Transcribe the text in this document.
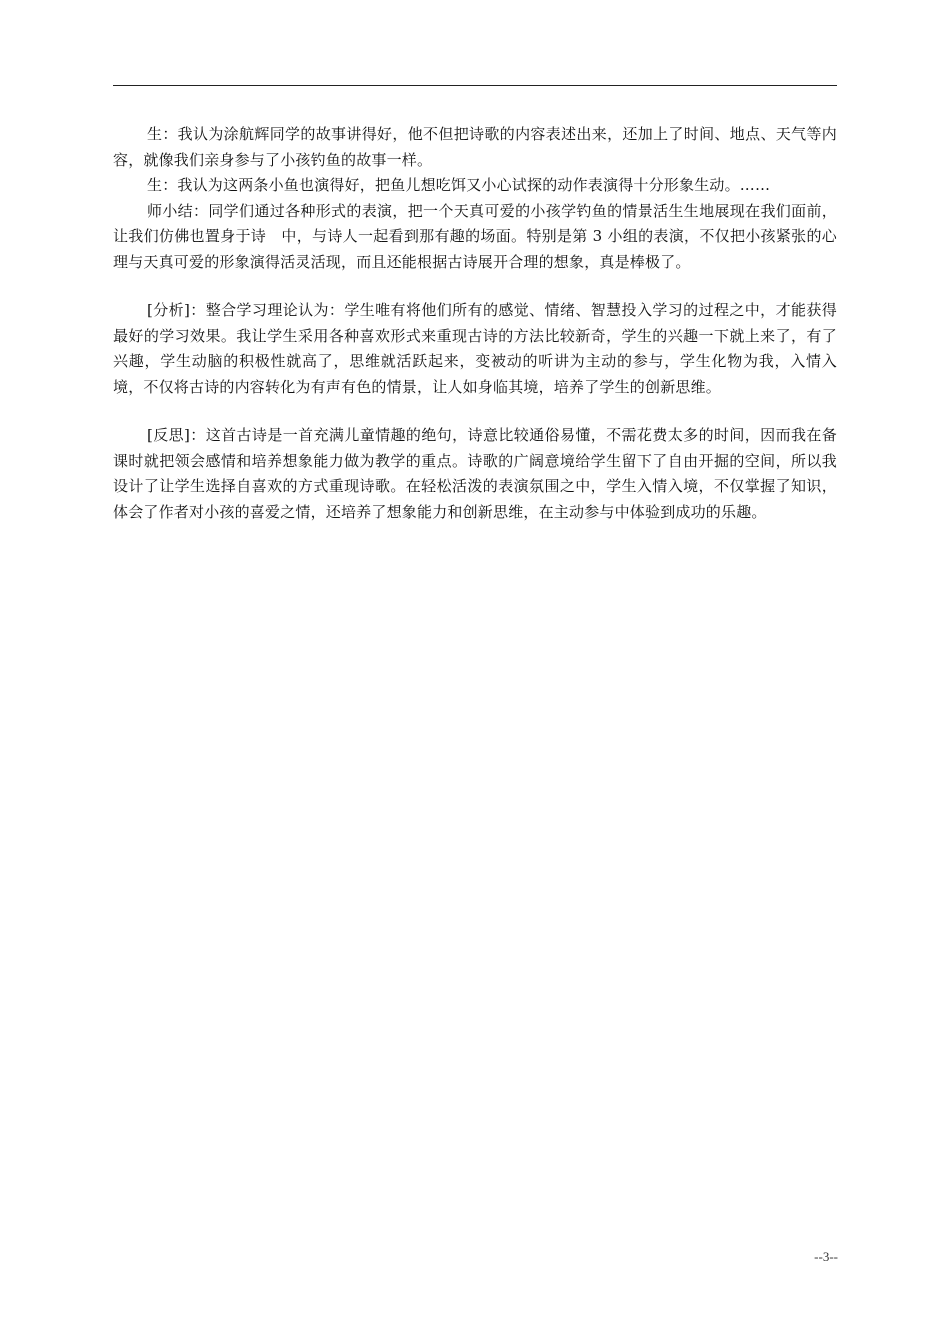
生：我认为涂航辉同学的故事讲得好，他不但把诗歌的内容表述出来，还加上了时间、地点、天气等内容，就像我们亲身参与了小孩钓鱼的故事一样。

生：我认为这两条小鱼也演得好，把鱼儿想吃饵又小心试探的动作表演得十分形象生动。……

师小结：同学们通过各种形式的表演，把一个天真可爱的小孩学钓鱼的情景活生生地展现在我们面前，让我们仿佛也置身于诗　中，与诗人一起看到那有趣的场面。特别是第 3 小组的表演，不仅把小孩紧张的心理与天真可爱的形象演得活灵活现，而且还能根据古诗展开合理的想象，真是棒极了。

[分析]：整合学习理论认为：学生唯有将他们所有的感觉、情绪、智慧投入学习的过程之中，才能获得最好的学习效果。我让学生采用各种喜欢形式来重现古诗的方法比较新奇，学生的兴趣一下就上来了，有了兴趣，学生动脑的积极性就高了，思维就活跃起来，变被动的听讲为主动的参与，学生化物为我，入情入境，不仅将古诗的内容转化为有声有色的情景，让人如身临其境，培养了学生的创新思维。

[反思]：这首古诗是一首充满儿童情趣的绝句，诗意比较通俗易懂，不需花费太多的时间，因而我在备课时就把领会感情和培养想象能力做为教学的重点。诗歌的广阔意境给学生留下了自由开掘的空间，所以我设计了让学生选择自喜欢的方式重现诗歌。在轻松活泼的表演氛围之中，学生入情入境，不仅掌握了知识，体会了作者对小孩的喜爱之情，还培养了想象能力和创新思维，在主动参与中体验到成功的乐趣。

--3--
